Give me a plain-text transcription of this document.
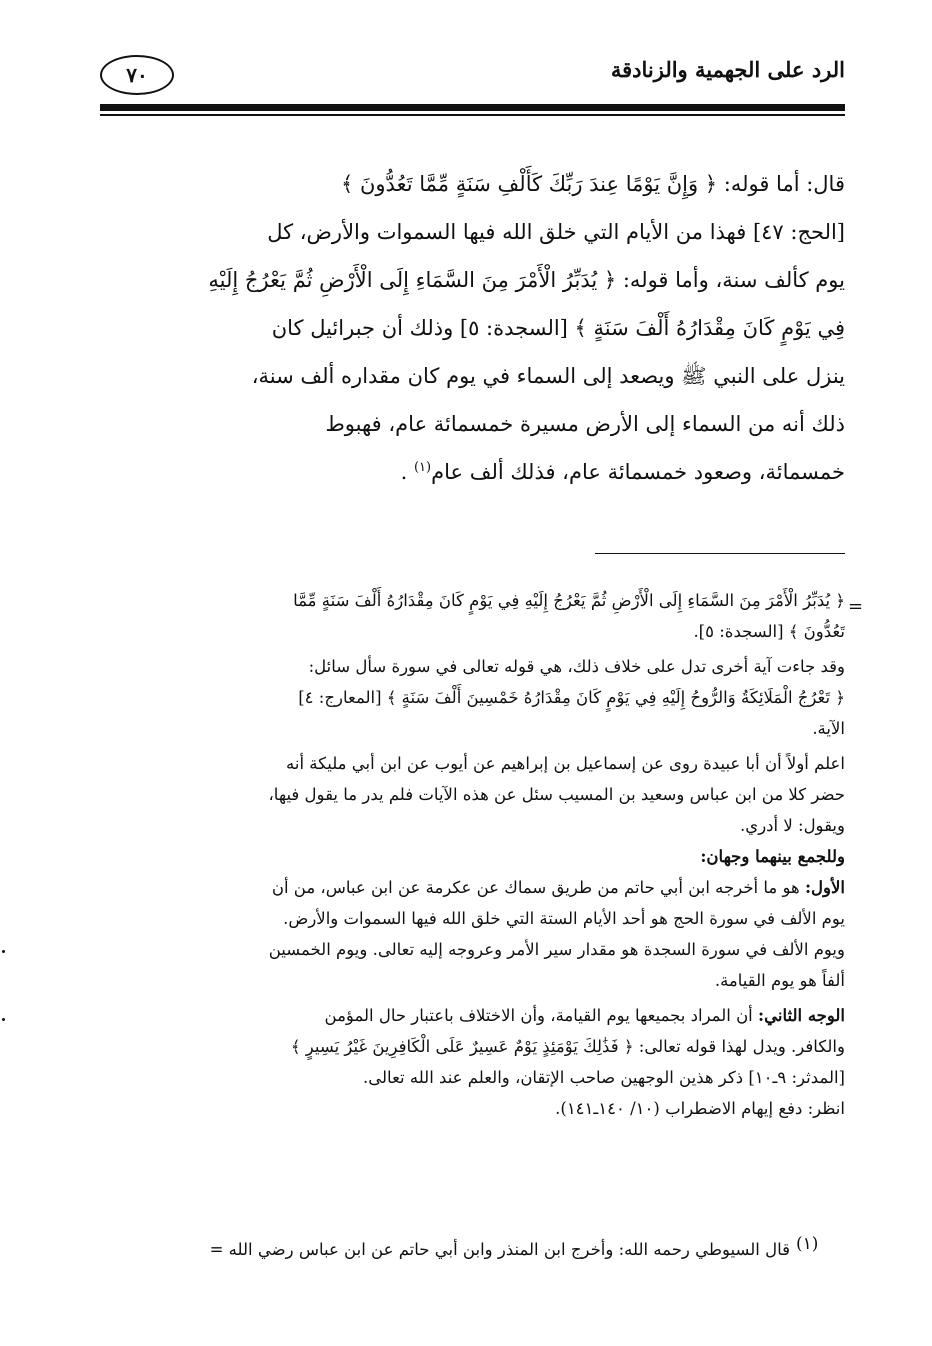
٧٠	الرد على الجهمية والزنادقة

قال: أما قوله: ﴿ وَإِنَّ يَوْمًا عِندَ رَبِّكَ كَأَلْفِ سَنَةٍ مِّمَّا تَعُدُّونَ ﴾

[الحج: ٤٧] فهذا من الأيام التي خلق الله فيها السموات والأرض، كل

يوم كألف سنة، وأما قوله: ﴿ يُدَبِّرُ الْأَمْرَ مِنَ السَّمَاءِ إِلَى الْأَرْضِ ثُمَّ يَعْرُجُ إِلَيْهِ

فِي يَوْمٍ كَانَ مِقْدَارُهُ أَلْفَ سَنَةٍ ﴾ [السجدة: ٥] وذلك أن جبرائيل كان

ينزل على النبي ﷺ ويصعد إلى السماء في يوم كان مقداره ألف سنة،

ذلك أنه من السماء إلى الأرض مسيرة خمسمائة عام، فهبوط

خمسمائة، وصعود خمسمائة عام، فذلك ألف عام$^{(١)}$ .

=

﴿ يُدَبِّرُ الْأَمْرَ مِنَ السَّمَاءِ إِلَى الْأَرْضِ ثُمَّ يَعْرُجُ إِلَيْهِ فِي يَوْمٍ كَانَ مِقْدَارُهُ أَلْفَ سَنَةٍ مِّمَّا

تَعُدُّونَ ﴾ [السجدة: ٥].

وقد جاءت آية أخرى تدل على خلاف ذلك، هي قوله تعالى في سورة سأل سائل:

﴿ تَعْرُجُ الْمَلَائِكَةُ وَالرُّوحُ إِلَيْهِ فِي يَوْمٍ كَانَ مِقْدَارُهُ خَمْسِينَ أَلْفَ سَنَةٍ ﴾ [المعارج: ٤]

الآية.

اعلم أولاً أن أبا عبيدة روى عن إسماعيل بن إبراهيم عن أيوب عن ابن أبي مليكة أنه

حضر كلا من ابن عباس وسعيد بن المسيب سئل عن هذه الآيات فلم يدر ما يقول فيها،

ويقول: لا أدري.

وللجمع بينهما وجهان:

الأول: هو ما أخرجه ابن أبي حاتم من طريق سماك عن عكرمة عن ابن عباس، من أن

يوم الألف في سورة الحج هو أحد الأيام الستة التي خلق الله فيها السموات والأرض.

ويوم الألف في سورة السجدة هو مقدار سير الأمر وعروجه إليه تعالى. ويوم الخمسين

ألفاً هو يوم القيامة.

الوجه الثاني: أن المراد بجميعها يوم القيامة، وأن الاختلاف باعتبار حال المؤمن

والكافر. ويدل لهذا قوله تعالى: ﴿ فَذَٰلِكَ يَوْمَئِذٍ يَوْمٌ عَسِيرٌ عَلَى الْكَافِرِينَ غَيْرُ يَسِيرٍ ﴾

[المدثر: ٩ـ١٠] ذكر هذين الوجهين صاحب الإتقان، والعلم عند الله تعالى.

انظر: دفع إيهام الاضطراب (١٠/ ١٤٠ـ١٤١).

(١)
قال السيوطي رحمه الله: وأخرج ابن المنذر وابن أبي حاتم عن ابن عباس رضي الله =
